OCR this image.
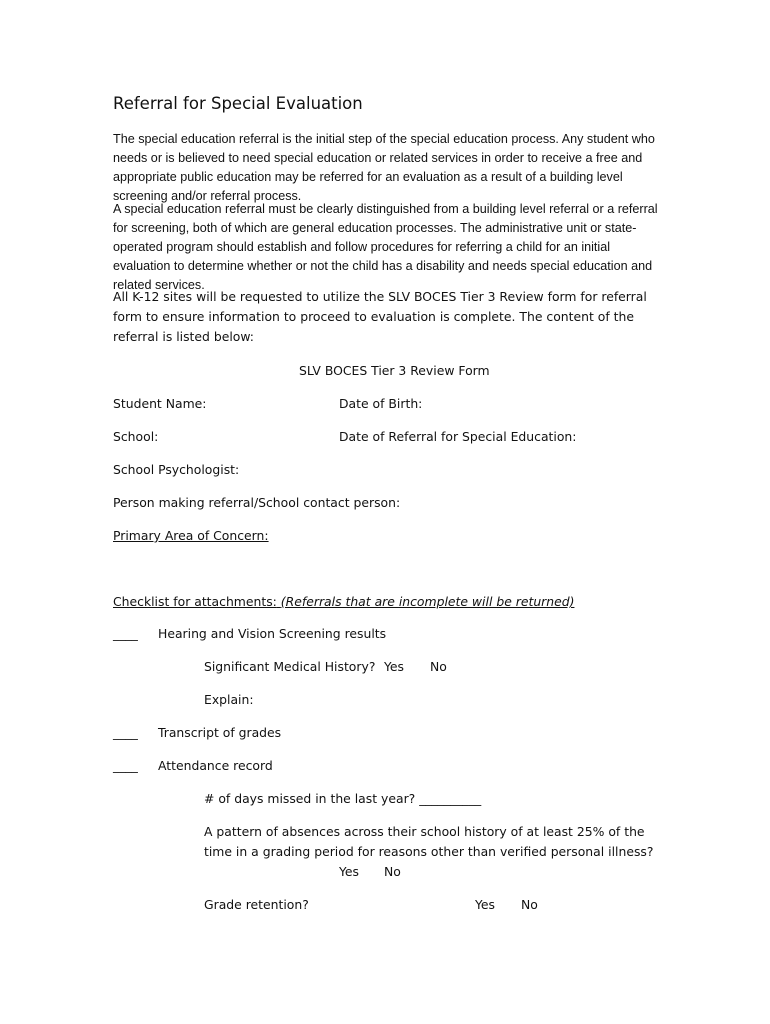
Referral for Special Evaluation
The special education referral is the initial step of the special education process. Any student who needs or is believed to need special education or related services in order to receive a free and appropriate public education may be referred for an evaluation as a result of a building level screening and/or referral process.
A special education referral must be clearly distinguished from a building level referral or a referral for screening, both of which are general education processes. The administrative unit or state-operated program should establish and follow procedures for referring a child for an initial evaluation to determine whether or not the child has a disability and needs special education and related services.
All K-12 sites will be requested to utilize the SLV BOCES Tier 3 Review form for referral form to ensure information to proceed to evaluation is complete. The content of the referral is listed below:
SLV BOCES Tier 3 Review Form
Student Name:	Date of Birth:
School:	Date of Referral for Special Education:
School Psychologist:
Person making referral/School contact person:
Primary Area of Concern:
Checklist for attachments: (Referrals that are incomplete will be returned)
____ Hearing and Vision Screening results
Significant Medical History? Yes No
Explain:
____ Transcript of grades
____ Attendance record
# of days missed in the last year? __________
A pattern of absences across their school history of at least 25% of the time in a grading period for reasons other than verified personal illness?
Yes No
Grade retention?	Yes No
